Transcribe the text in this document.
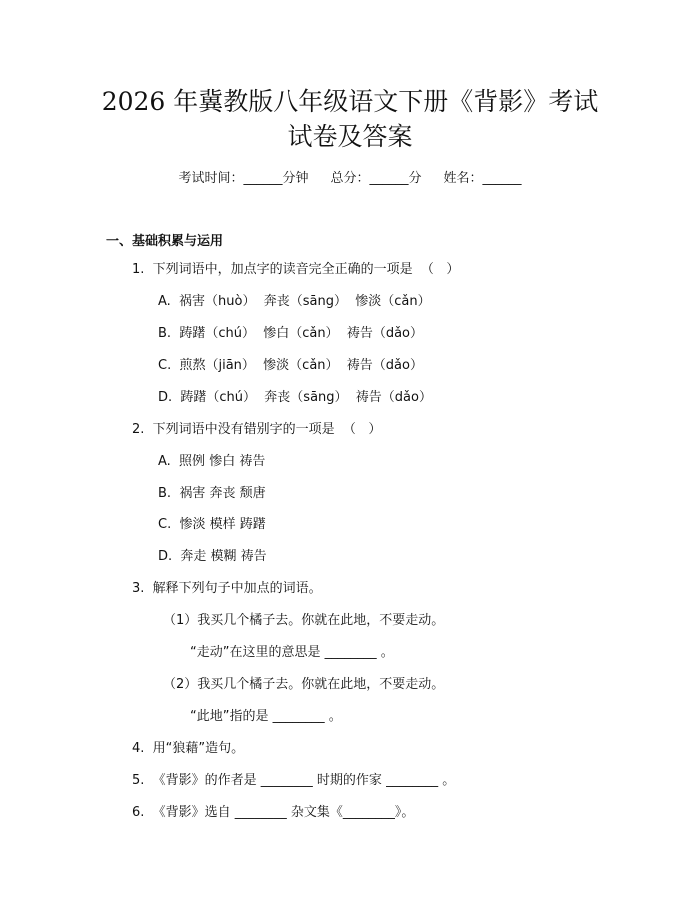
2026 年冀教版八年级语文下册《背影》考试
试卷及答案
考试时间：______分钟 总分：______分 姓名：______
一、基础积累与运用
1.  下列词语中，加点字的读音完全正确的一项是  （   ）
A.  祸害（huò）  奔丧（sāng）  惨淡（cǎn）
B.  踌躇（chú）  惨白（cǎn）  祷告（dǎo）
C.  煎熬（jiān）  惨淡（cǎn）  祷告（dǎo）
D.  踌躇（chú）  奔丧（sāng）  祷告（dǎo）
2.  下列词语中没有错别字的一项是  （   ）
A.  照例 惨白 祷告
B.  祸害 奔丧 颓唐
C.  惨淡 模样 踌躇
D.  奔走 模糊 祷告
3.  解释下列句子中加点的词语。
（1）我买几个橘子去。你就在此地，不要走动。
“走动”在这里的意思是 ________ 。
（2）我买几个橘子去。你就在此地，不要走动。
“此地”指的是 ________ 。
4.  用“狼藉”造句。
5.  《背影》的作者是 ________ 时期的作家 ________ 。
6.  《背影》选自 ________ 杂文集《________》。
